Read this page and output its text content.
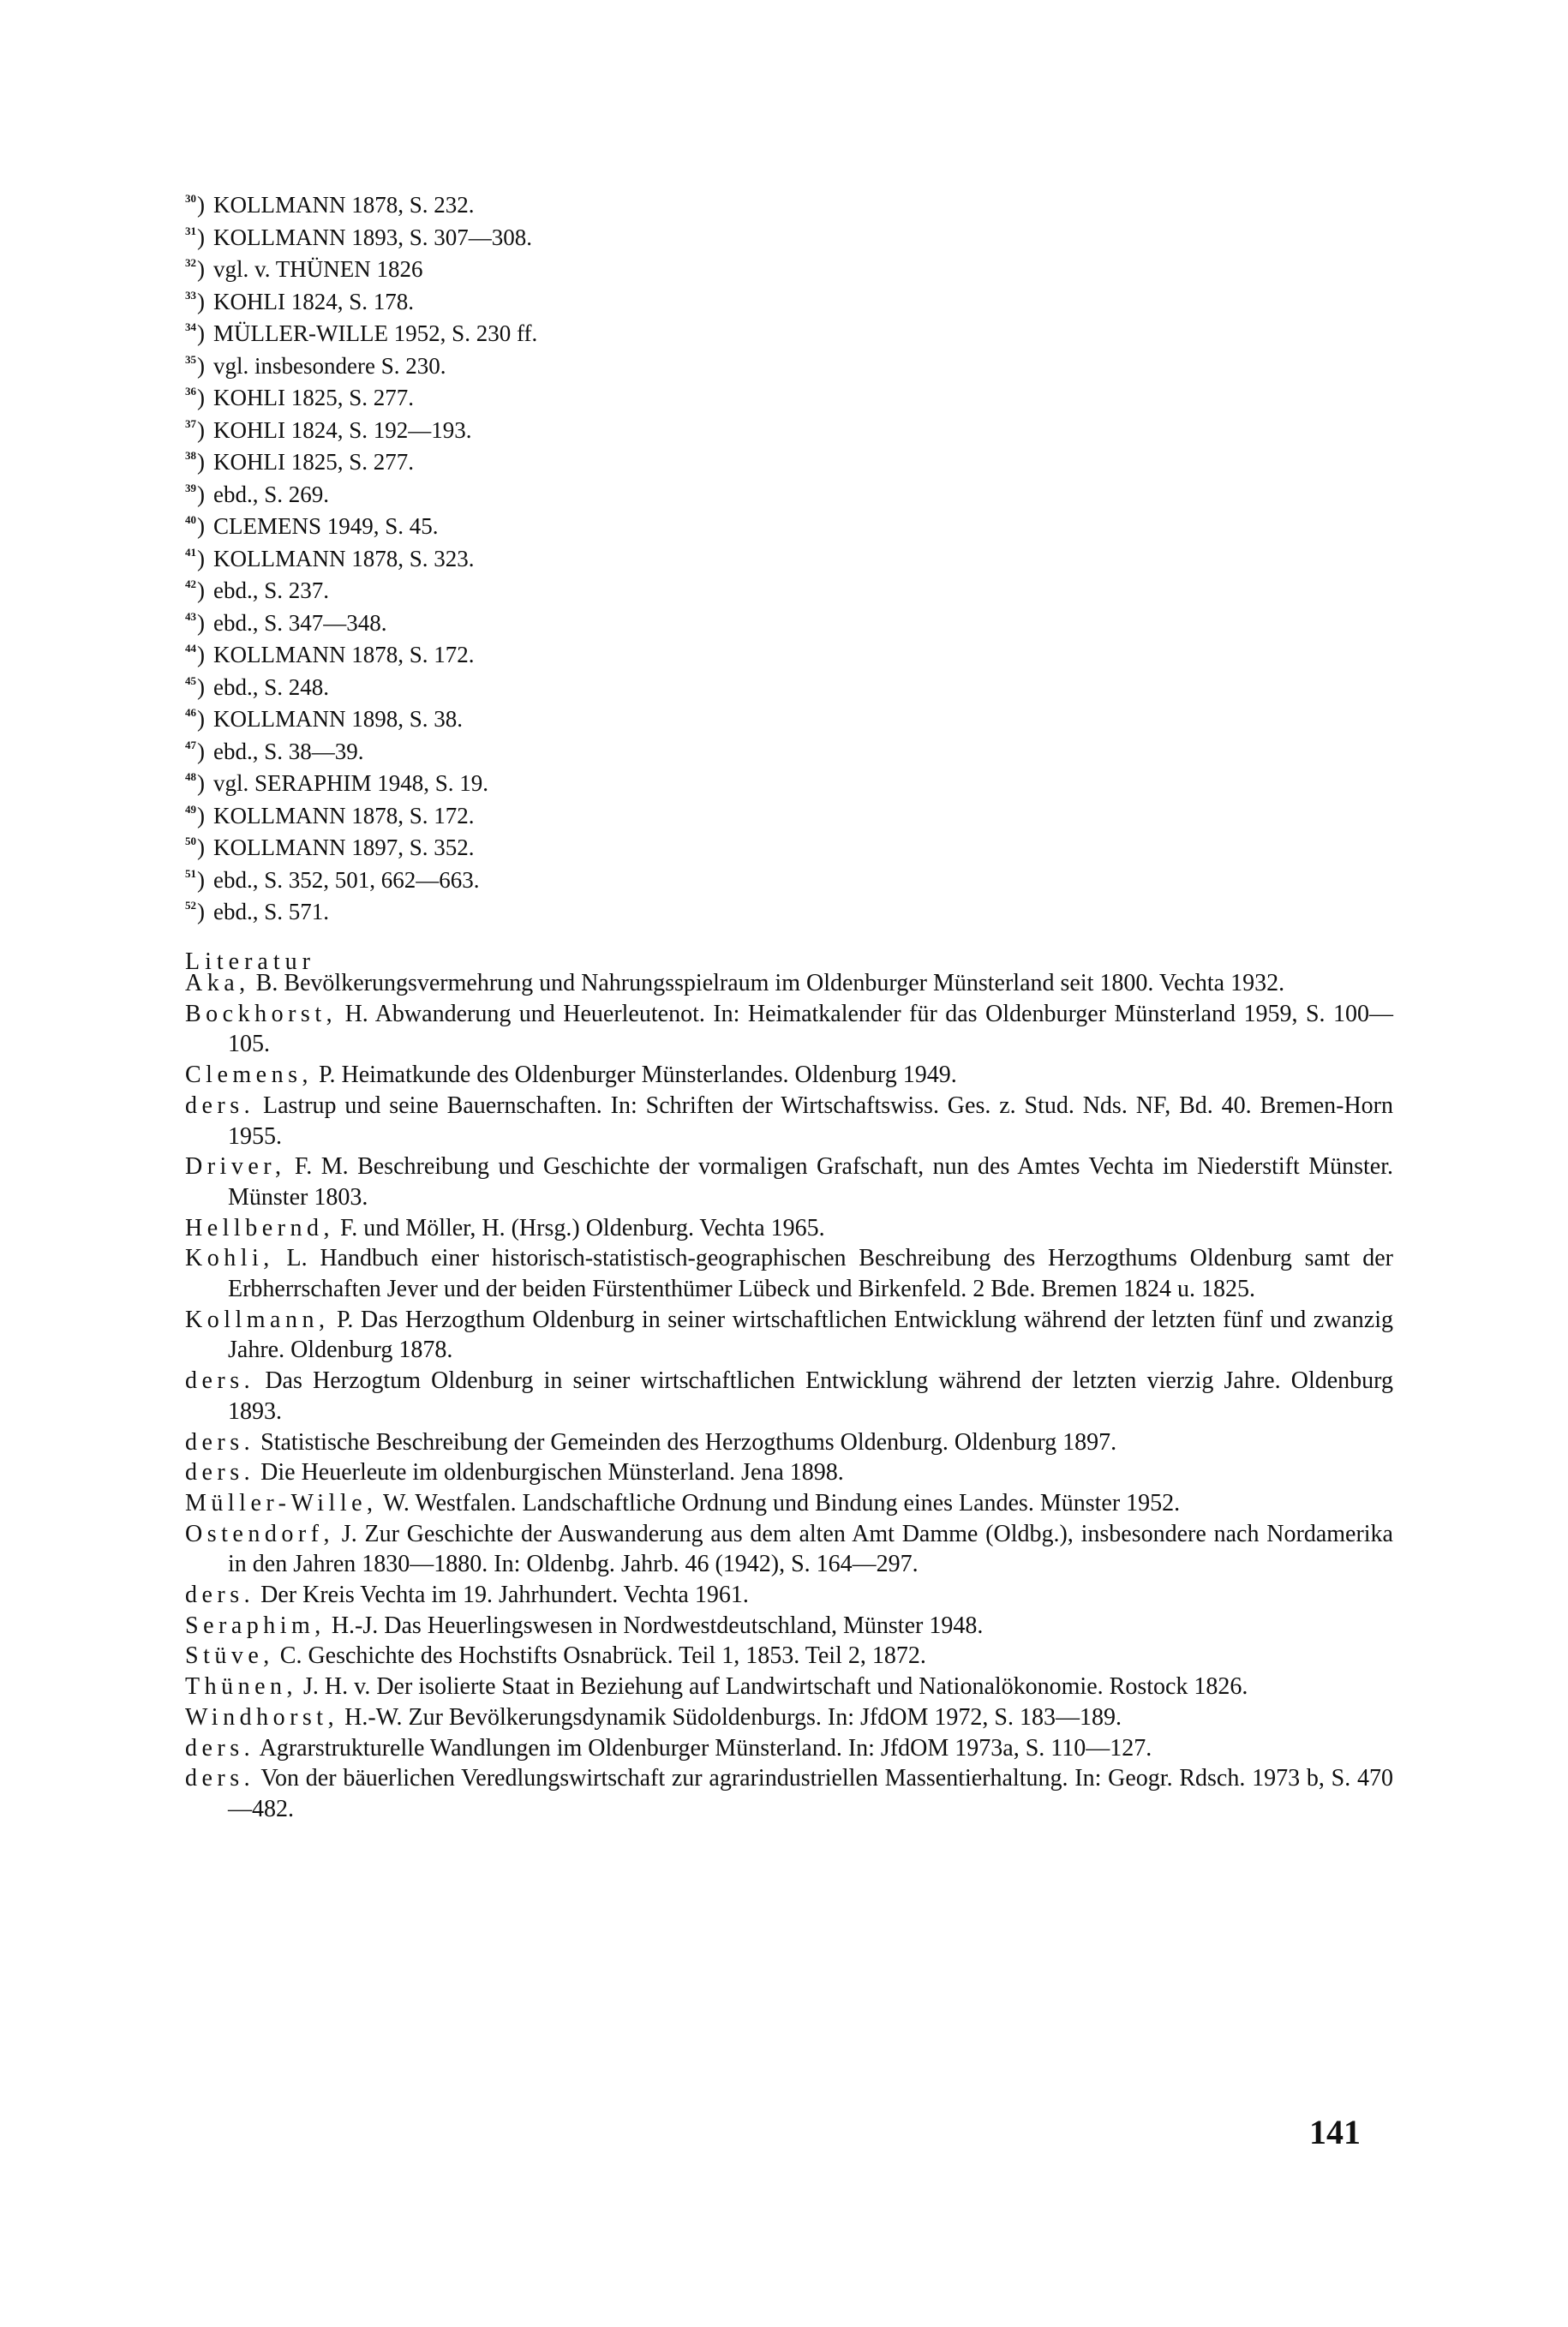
30) KOLLMANN 1878, S. 232.
31) KOLLMANN 1893, S. 307—308.
32) vgl. v. THÜNEN 1826
33) KOHLI 1824, S. 178.
34) MÜLLER-WILLE 1952, S. 230 ff.
35) vgl. insbesondere S. 230.
36) KOHLI 1825, S. 277.
37) KOHLI 1824, S. 192—193.
38) KOHLI 1825, S. 277.
39) ebd., S. 269.
40) CLEMENS 1949, S. 45.
41) KOLLMANN 1878, S. 323.
42) ebd., S. 237.
43) ebd., S. 347—348.
44) KOLLMANN 1878, S. 172.
45) ebd., S. 248.
46) KOLLMANN 1898, S. 38.
47) ebd., S. 38—39.
48) vgl. SERAPHIM 1948, S. 19.
49) KOLLMANN 1878, S. 172.
50) KOLLMANN 1897, S. 352.
51) ebd., S. 352, 501, 662—663.
52) ebd., S. 571.
Literatur
Aka, B. Bevölkerungsvermehrung und Nahrungsspielraum im Oldenburger Münsterland seit 1800. Vechta 1932.
Bockhorst, H. Abwanderung und Heuerleutenot. In: Heimatkalender für das Oldenburger Münsterland 1959, S. 100—105.
Clemens, P. Heimatkunde des Oldenburger Münsterlandes. Oldenburg 1949.
ders. Lastrup und seine Bauernschaften. In: Schriften der Wirtschaftswiss. Ges. z. Stud. Nds. NF, Bd. 40. Bremen-Horn 1955.
Driver, F. M. Beschreibung und Geschichte der vormaligen Grafschaft, nun des Amtes Vechta im Niederstift Münster. Münster 1803.
Hellbernd, F. und Möller, H. (Hrsg.) Oldenburg. Vechta 1965.
Kohli, L. Handbuch einer historisch-statistisch-geographischen Beschreibung des Herzogthums Oldenburg samt der Erbherrschaften Jever und der beiden Fürstenthümer Lübeck und Birkenfeld. 2 Bde. Bremen 1824 u. 1825.
Kollmann, P. Das Herzogthum Oldenburg in seiner wirtschaftlichen Entwicklung während der letzten fünf und zwanzig Jahre. Oldenburg 1878.
ders. Das Herzogtum Oldenburg in seiner wirtschaftlichen Entwicklung während der letzten vierzig Jahre. Oldenburg 1893.
ders. Statistische Beschreibung der Gemeinden des Herzogthums Oldenburg. Oldenburg 1897.
ders. Die Heuerleute im oldenburgischen Münsterland. Jena 1898.
Müller-Wille, W. Westfalen. Landschaftliche Ordnung und Bindung eines Landes. Münster 1952.
Ostendorf, J. Zur Geschichte der Auswanderung aus dem alten Amt Damme (Oldbg.), insbesondere nach Nordamerika in den Jahren 1830—1880. In: Oldenbg. Jahrb. 46 (1942), S. 164—297.
ders. Der Kreis Vechta im 19. Jahrhundert. Vechta 1961.
Seraphim, H.-J. Das Heuerlingswesen in Nordwestdeutschland, Münster 1948.
Stüve, C. Geschichte des Hochstifts Osnabrück. Teil 1, 1853. Teil 2, 1872.
Thünen, J. H. v. Der isolierte Staat in Beziehung auf Landwirtschaft und Nationalökonomie. Rostock 1826.
Windhorst, H.-W. Zur Bevölkerungsdynamik Südoldenburgs. In: JfdOM 1972, S. 183—189.
ders. Agrarstrukturelle Wandlungen im Oldenburger Münsterland. In: JfdOM 1973a, S. 110—127.
ders. Von der bäuerlichen Veredlungswirtschaft zur agrarindustriellen Massentierhaltung. In: Geogr. Rdsch. 1973 b, S. 470—482.
141
